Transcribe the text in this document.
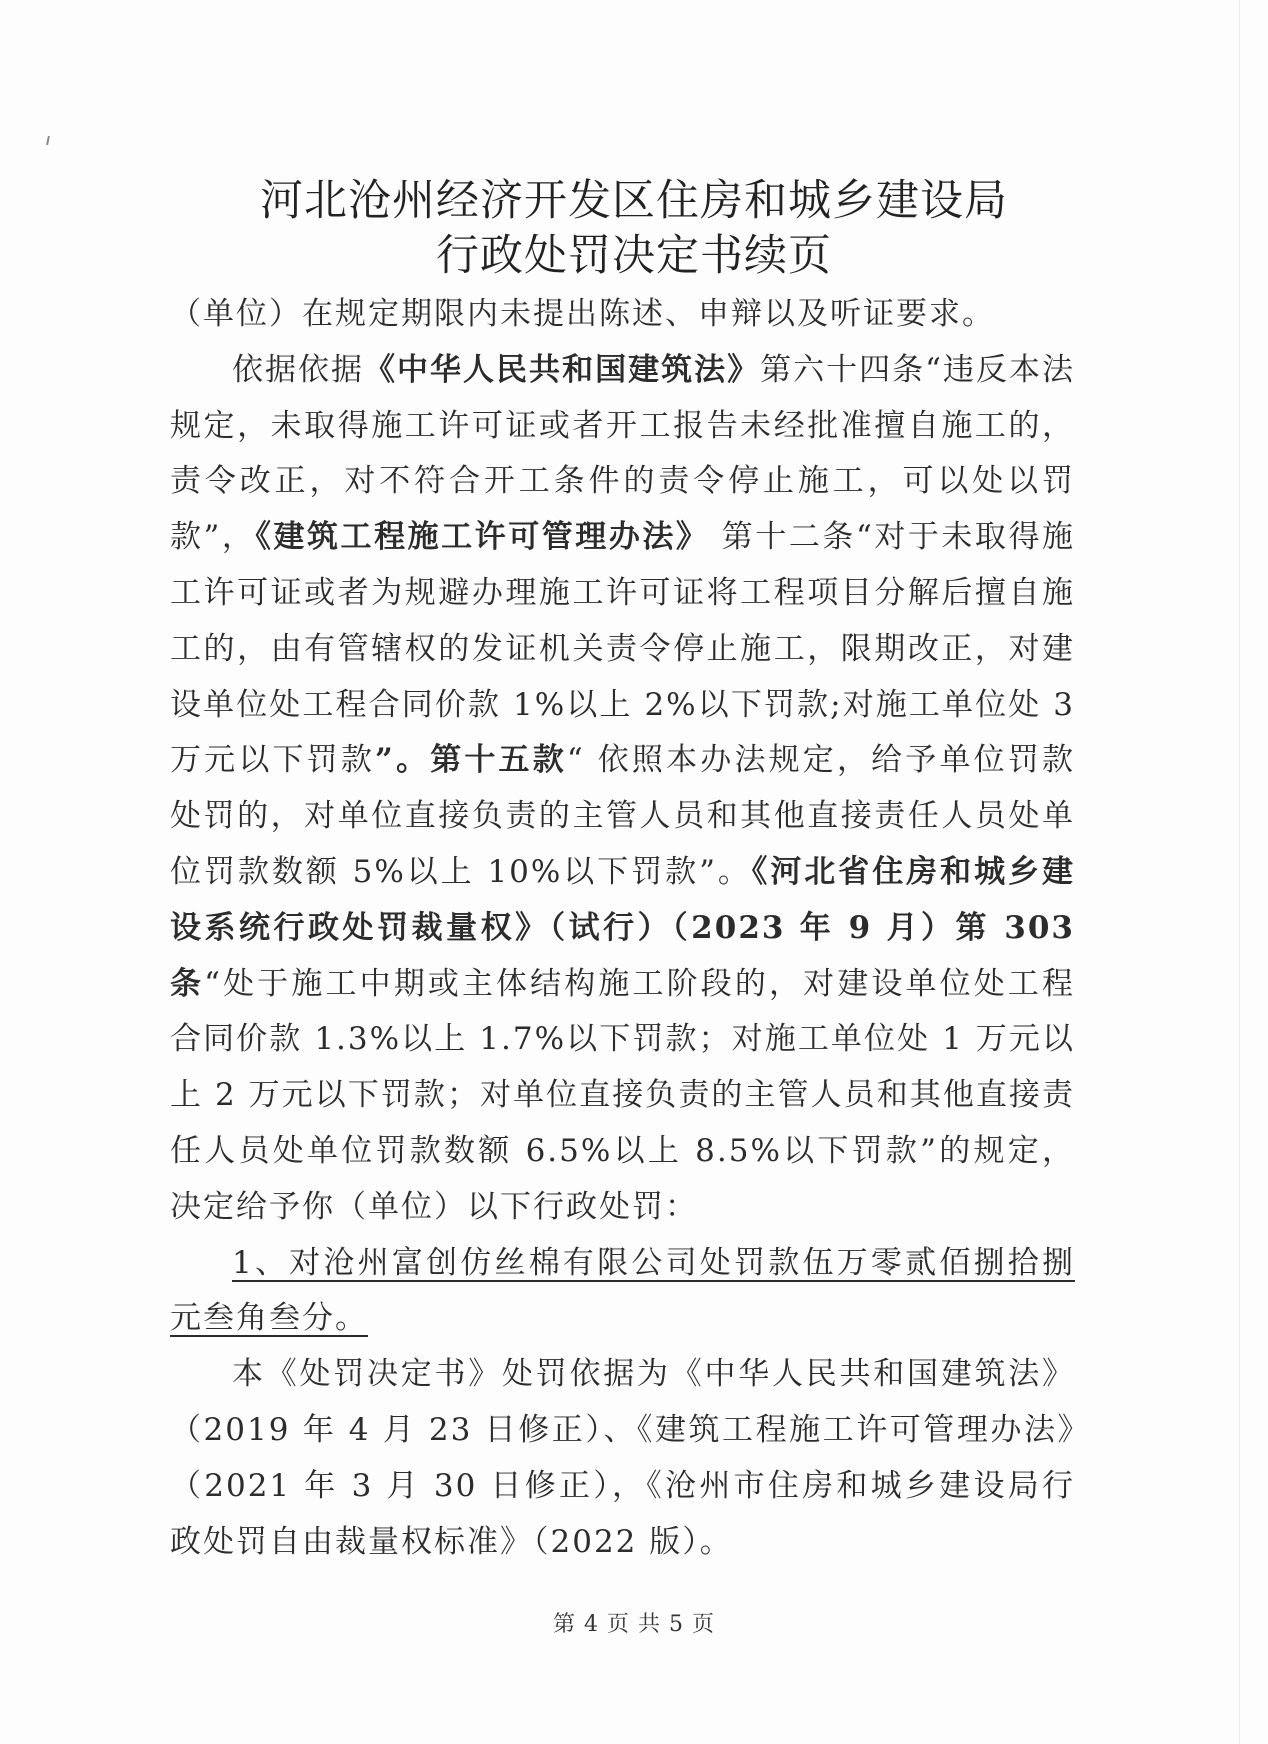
河北沧州经济开发区住房和城乡建设局
行政处罚决定书续页

（单位）在规定期限内未提出陈述、申辩以及听证要求。

依据依据《中华人民共和国建筑法》第六十四条“违反本法规定，未取得施工许可证或者开工报告未经批准擅自施工的，责令改正，对不符合开工条件的责令停止施工，可以处以罚款”，《建筑工程施工许可管理办法》 第十二条“对于未取得施工许可证或者为规避办理施工许可证将工程项目分解后擅自施工的，由有管辖权的发证机关责令停止施工，限期改正，对建设单位处工程合同价款 1%以上 2%以下罚款;对施工单位处 3 万元以下罚款”。第十五款“ 依照本办法规定，给予单位罚款处罚的，对单位直接负责的主管人员和其他直接责任人员处单位罚款数额 5%以上 10%以下罚款”。《河北省住房和城乡建设系统行政处罚裁量权》（试行）（2023 年 9 月）第 303 条“处于施工中期或主体结构施工阶段的，对建设单位处工程合同价款 1.3%以上 1.7%以下罚款；对施工单位处 1 万元以上 2 万元以下罚款；对单位直接负责的主管人员和其他直接责任人员处单位罚款数额 6.5%以上 8.5%以下罚款”的规定，决定给予你（单位）以下行政处罚：

1、对沧州富创仿丝棉有限公司处罚款伍万零贰佰捌拾捌元叁角叁分。

本《处罚决定书》处罚依据为《中华人民共和国建筑法》（2019 年 4 月 23 日修正）、《建筑工程施工许可管理办法》（2021 年 3 月 30 日修正），《沧州市住房和城乡建设局行政处罚自由裁量权标准》（2022 版）。

第 4 页 共 5 页
